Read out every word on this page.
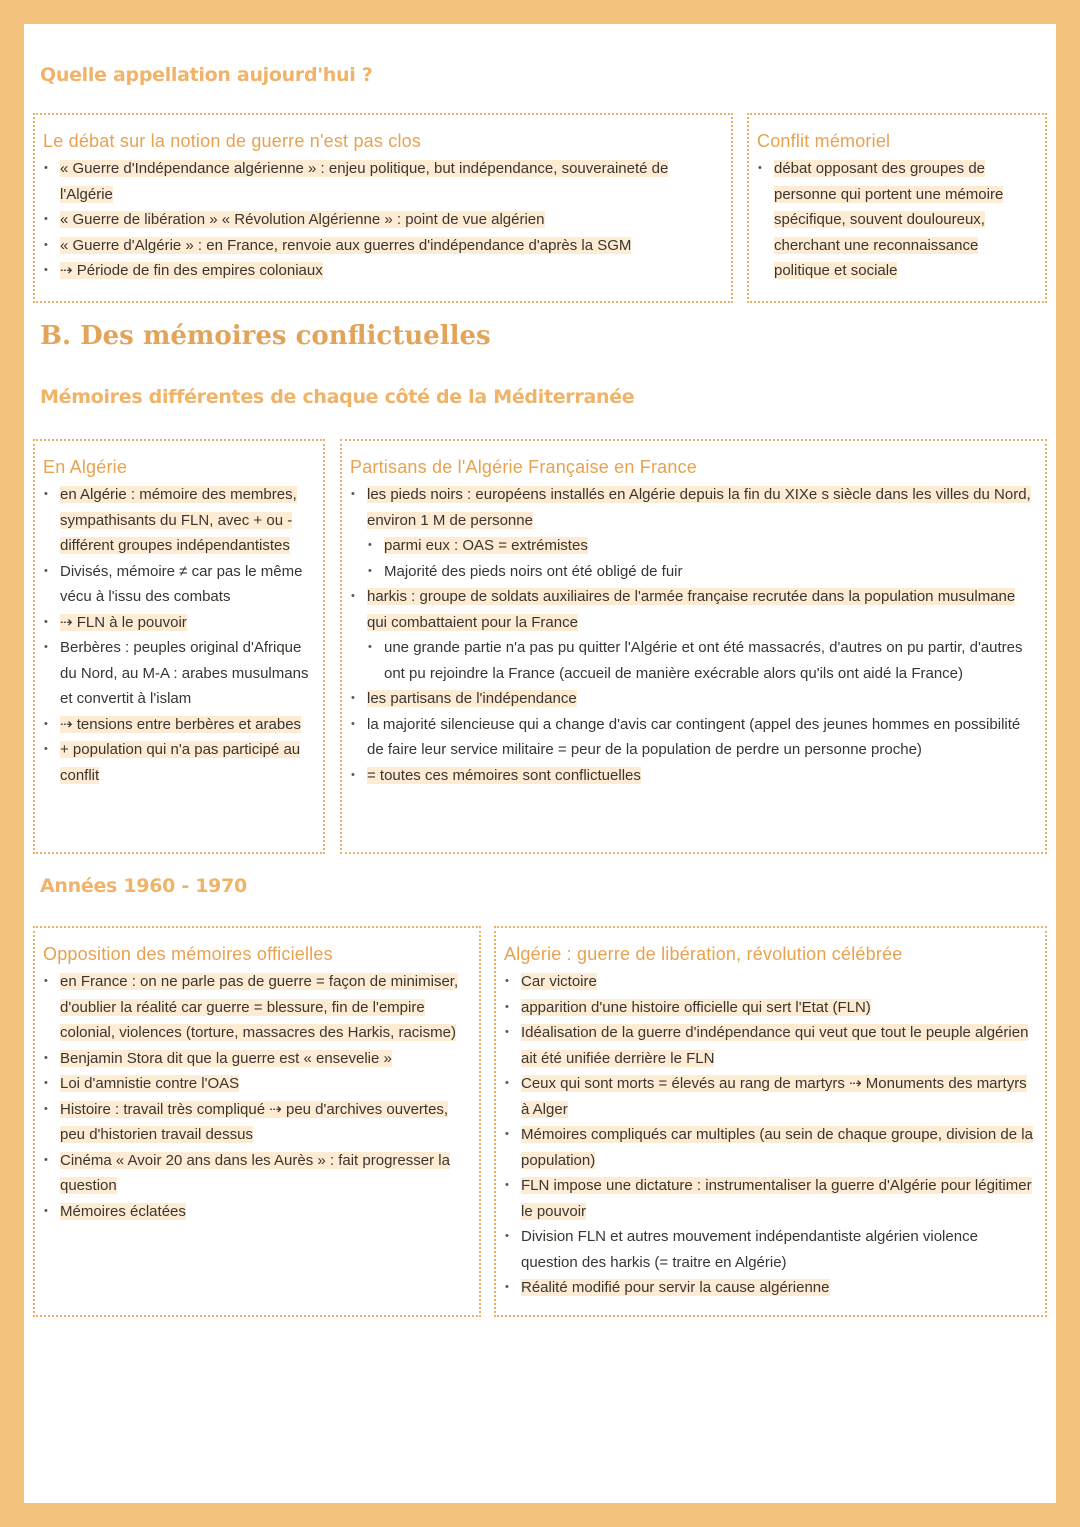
Quelle appellation aujourd'hui ?
Le débat sur la notion de guerre n'est pas clos
• « Guerre d'Indépendance algérienne » : enjeu politique, but indépendance, souveraineté de l'Algérie
• « Guerre de libération » « Révolution Algérienne » : point de vue algérien
• « Guerre d'Algérie » : en France, renvoie aux guerres d'indépendance d'après la SGM
• ⇢ Période de fin des empires coloniaux
Conflit mémoriel
• débat opposant des groupes de personne qui portent une mémoire spécifique, souvent douloureux, cherchant une reconnaissance politique et sociale
B. Des mémoires conflictuelles
Mémoires différentes de chaque côté de la Méditerranée
En Algérie
• en Algérie : mémoire des membres, sympathisants du FLN, avec + ou - différent groupes indépendantistes
• Divisés, mémoire ≠ car pas le même vécu à l'issu des combats
• ⇢ FLN à le pouvoir
• Berbères : peuples original d'Afrique du Nord, au M-A : arabes musulmans et convertit à l'islam
• ⇢ tensions entre berbères et arabes
• + population qui n'a pas participé au conflit
Partisans de l'Algérie Française en France
• les pieds noirs : européens installés en Algérie depuis la fin du XIXe s siècle dans les villes du Nord, environ 1 M de personne
• parmi eux : OAS = extrémistes
• Majorité des pieds noirs ont été obligé de fuir
• harkis : groupe de soldats auxiliaires de l'armée française recrutée dans la population musulmane qui combattaient pour la France
• une grande partie n'a pas pu quitter l'Algérie et ont été massacrés, d'autres on pu partir, d'autres ont pu rejoindre la France (accueil de manière exécrable alors qu'ils ont aidé la France)
• les partisans de l'indépendance
• la majorité silencieuse qui a change d'avis car contingent (appel des jeunes hommes en possibilité de faire leur service militaire = peur de la population de perdre un personne proche)
• = toutes ces mémoires sont conflictuelles
Années 1960 - 1970
Opposition des mémoires officielles
• en France : on ne parle pas de guerre = façon de minimiser, d'oublier la réalité car guerre = blessure, fin de l'empire colonial, violences (torture, massacres des Harkis, racisme)
• Benjamin Stora dit que la guerre est « ensevelie »
• Loi d'amnistie contre l'OAS
• Histoire : travail très compliqué ⇢ peu d'archives ouvertes, peu d'historien travail dessus
• Cinéma « Avoir 20 ans dans les Aurès » : fait progresser la question
• Mémoires éclatées
Algérie : guerre de libération, révolution célébrée
• Car victoire
• apparition d'une histoire officielle qui sert l'Etat (FLN)
• Idéalisation de la guerre d'indépendance qui veut que tout le peuple algérien ait été unifiée derrière le FLN
• Ceux qui sont morts = élevés au rang de martyrs ⇢ Monuments des martyrs à Alger
• Mémoires compliqués car multiples (au sein de chaque groupe, division de la population)
• FLN impose une dictature : instrumentaliser la guerre d'Algérie pour légitimer le pouvoir
• Division FLN et autres mouvement indépendantiste algérien violence question des harkis (= traitre en Algérie)
• Réalité modifié pour servir la cause algérienne
